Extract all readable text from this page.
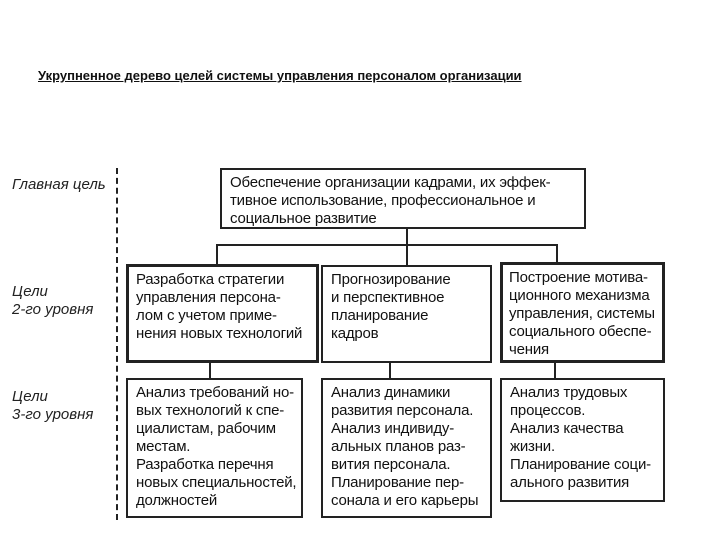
Укрупненное дерево целей системы управления персоналом организации
Главная цель
Цели
2-го уровня
Цели
3-го уровня
Обеспечение организации кадрами, их эффек-
тивное использование, профессиональное и
социальное развитие
Разработка стратегии
управления персона-
лом с учетом приме-
нения новых технологий
Прогнозирование
и перспективное
планирование
кадров
Построение мотива-
ционного механизма
управления, системы
социального обеспе-
чения
Анализ требований но-
вых технологий к спе-
циалистам, рабочим
местам.
Разработка перечня
новых специальностей,
должностей
Анализ динамики
развития персонала.
Анализ индивиду-
альных планов раз-
вития персонала.
Планирование пер-
сонала и его карьеры
Анализ трудовых
процессов.
Анализ качества
жизни.
Планирование соци-
ального развития
